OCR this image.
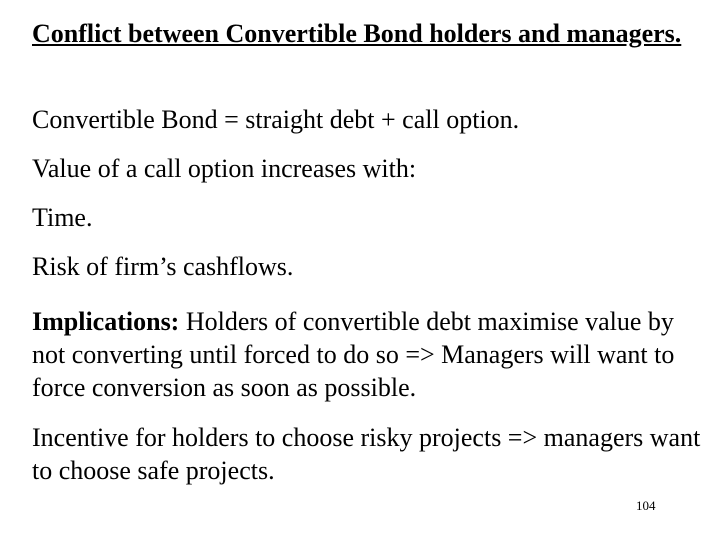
Conflict between Convertible Bond holders and managers.

Convertible Bond = straight debt + call option.

Value of a call option increases with:

Time.

Risk of firm’s cashflows.

Implications: Holders of convertible debt maximise value by not converting until forced to do so => Managers will want to force conversion as soon as possible.

Incentive for holders to choose risky projects => managers want to choose safe projects.

104
